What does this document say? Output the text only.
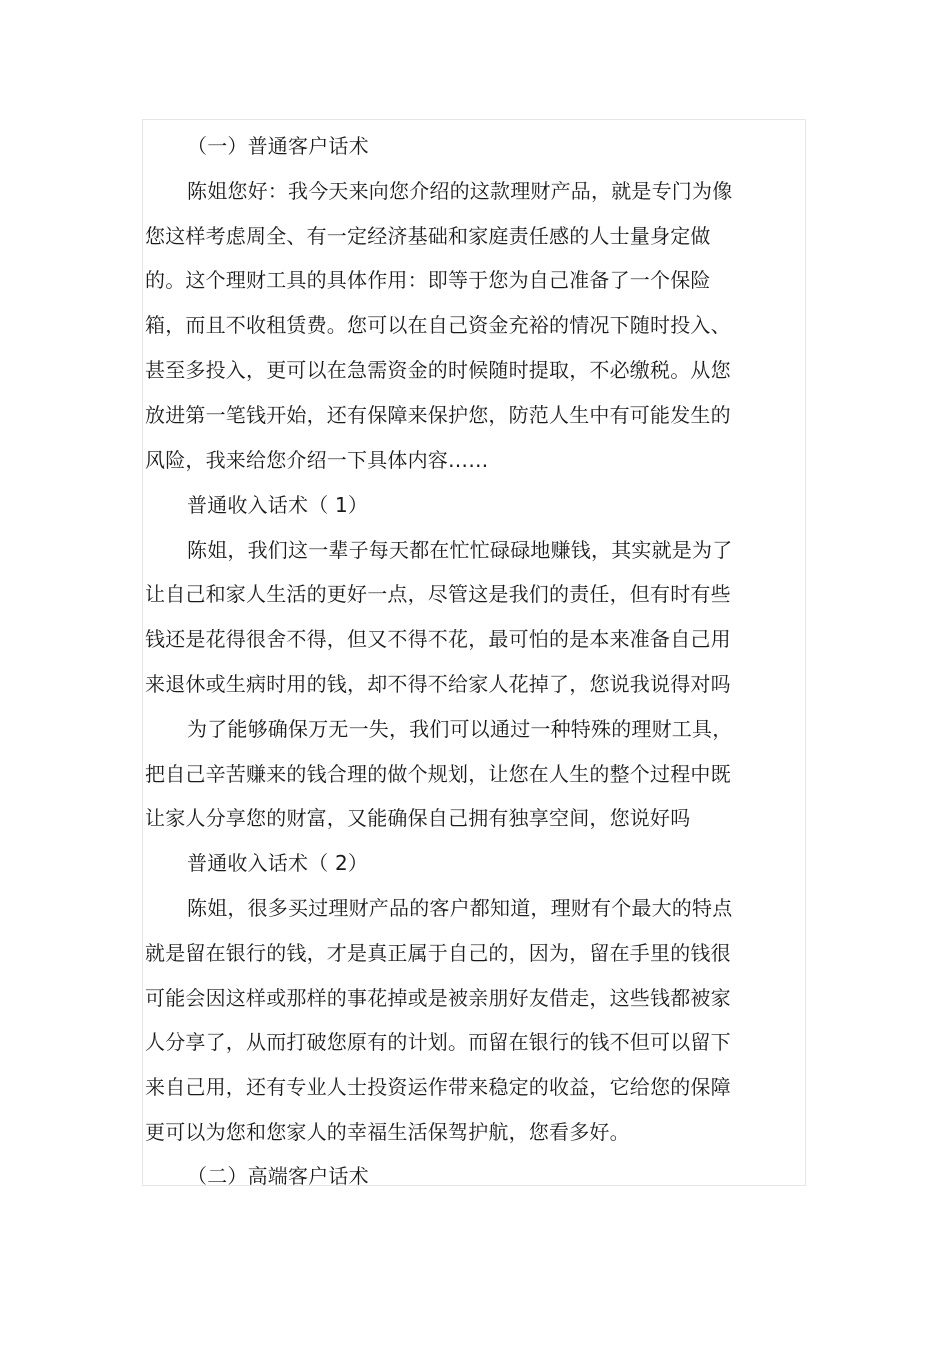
（一）普通客户话术
陈姐您好：我今天来向您介绍的这款理财产品，就是专门为像
您这样考虑周全、有一定经济基础和家庭责任感的人士量身定做
的。这个理财工具的具体作用：即等于您为自己准备了一个保险
箱，而且不收租赁费。您可以在自己资金充裕的情况下随时投入、
甚至多投入，更可以在急需资金的时候随时提取，不必缴税。从您
放进第一笔钱开始，还有保障来保护您，防范人生中有可能发生的
风险，我来给您介绍一下具体内容……
普通收入话术（ 1）
陈姐，我们这一辈子每天都在忙忙碌碌地赚钱，其实就是为了
让自己和家人生活的更好一点，尽管这是我们的责任，但有时有些
钱还是花得很舍不得，但又不得不花，最可怕的是本来准备自己用
来退休或生病时用的钱，却不得不给家人花掉了，您说我说得对吗
为了能够确保万无一失，我们可以通过一种特殊的理财工具，
把自己辛苦赚来的钱合理的做个规划，让您在人生的整个过程中既
让家人分享您的财富，又能确保自己拥有独享空间，您说好吗
普通收入话术（ 2）
陈姐，很多买过理财产品的客户都知道，理财有个最大的特点
就是留在银行的钱，才是真正属于自己的，因为，留在手里的钱很
可能会因这样或那样的事花掉或是被亲朋好友借走，这些钱都被家
人分享了，从而打破您原有的计划。而留在银行的钱不但可以留下
来自己用，还有专业人士投资运作带来稳定的收益，它给您的保障
更可以为您和您家人的幸福生活保驾护航，您看多好。
（二）高端客户话术
